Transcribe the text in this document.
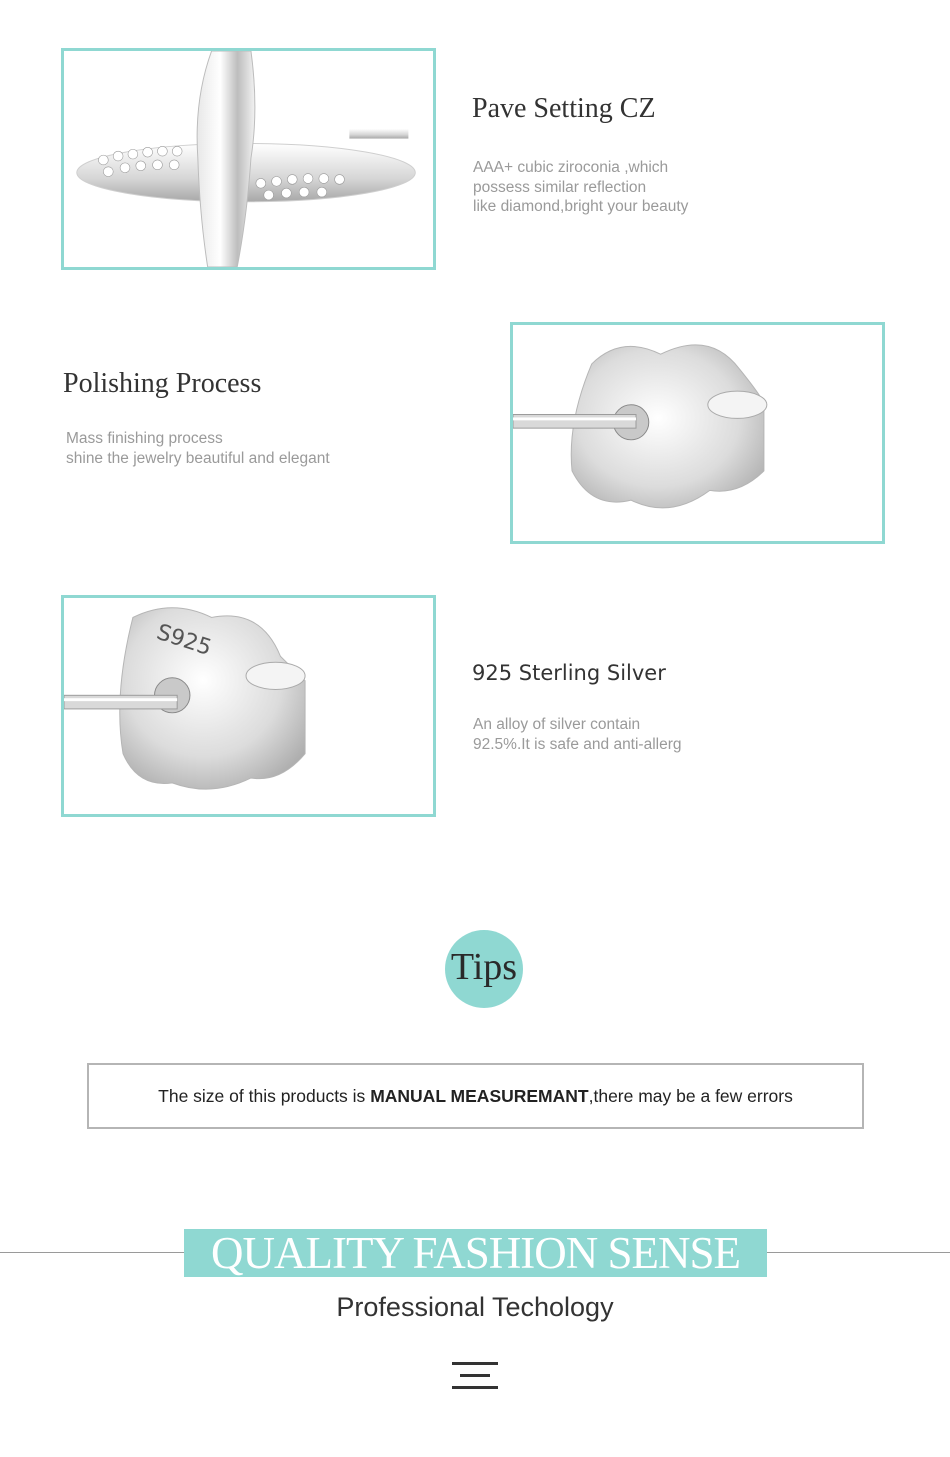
Pave Setting CZ

AAA+ cubic ziroconia ,which
possess similar reflection
like diamond,bright your beauty

Polishing Process

Mass finishing process
shine the jewelry beautiful and elegant

S925
925 Sterling Silver

An alloy of silver contain
92.5%.It is safe and anti-allerg

Tips

The size of this products is MANUAL MEASUREMANT,there may be a few errors

QUALITY FASHION SENSE
Professional Techology
